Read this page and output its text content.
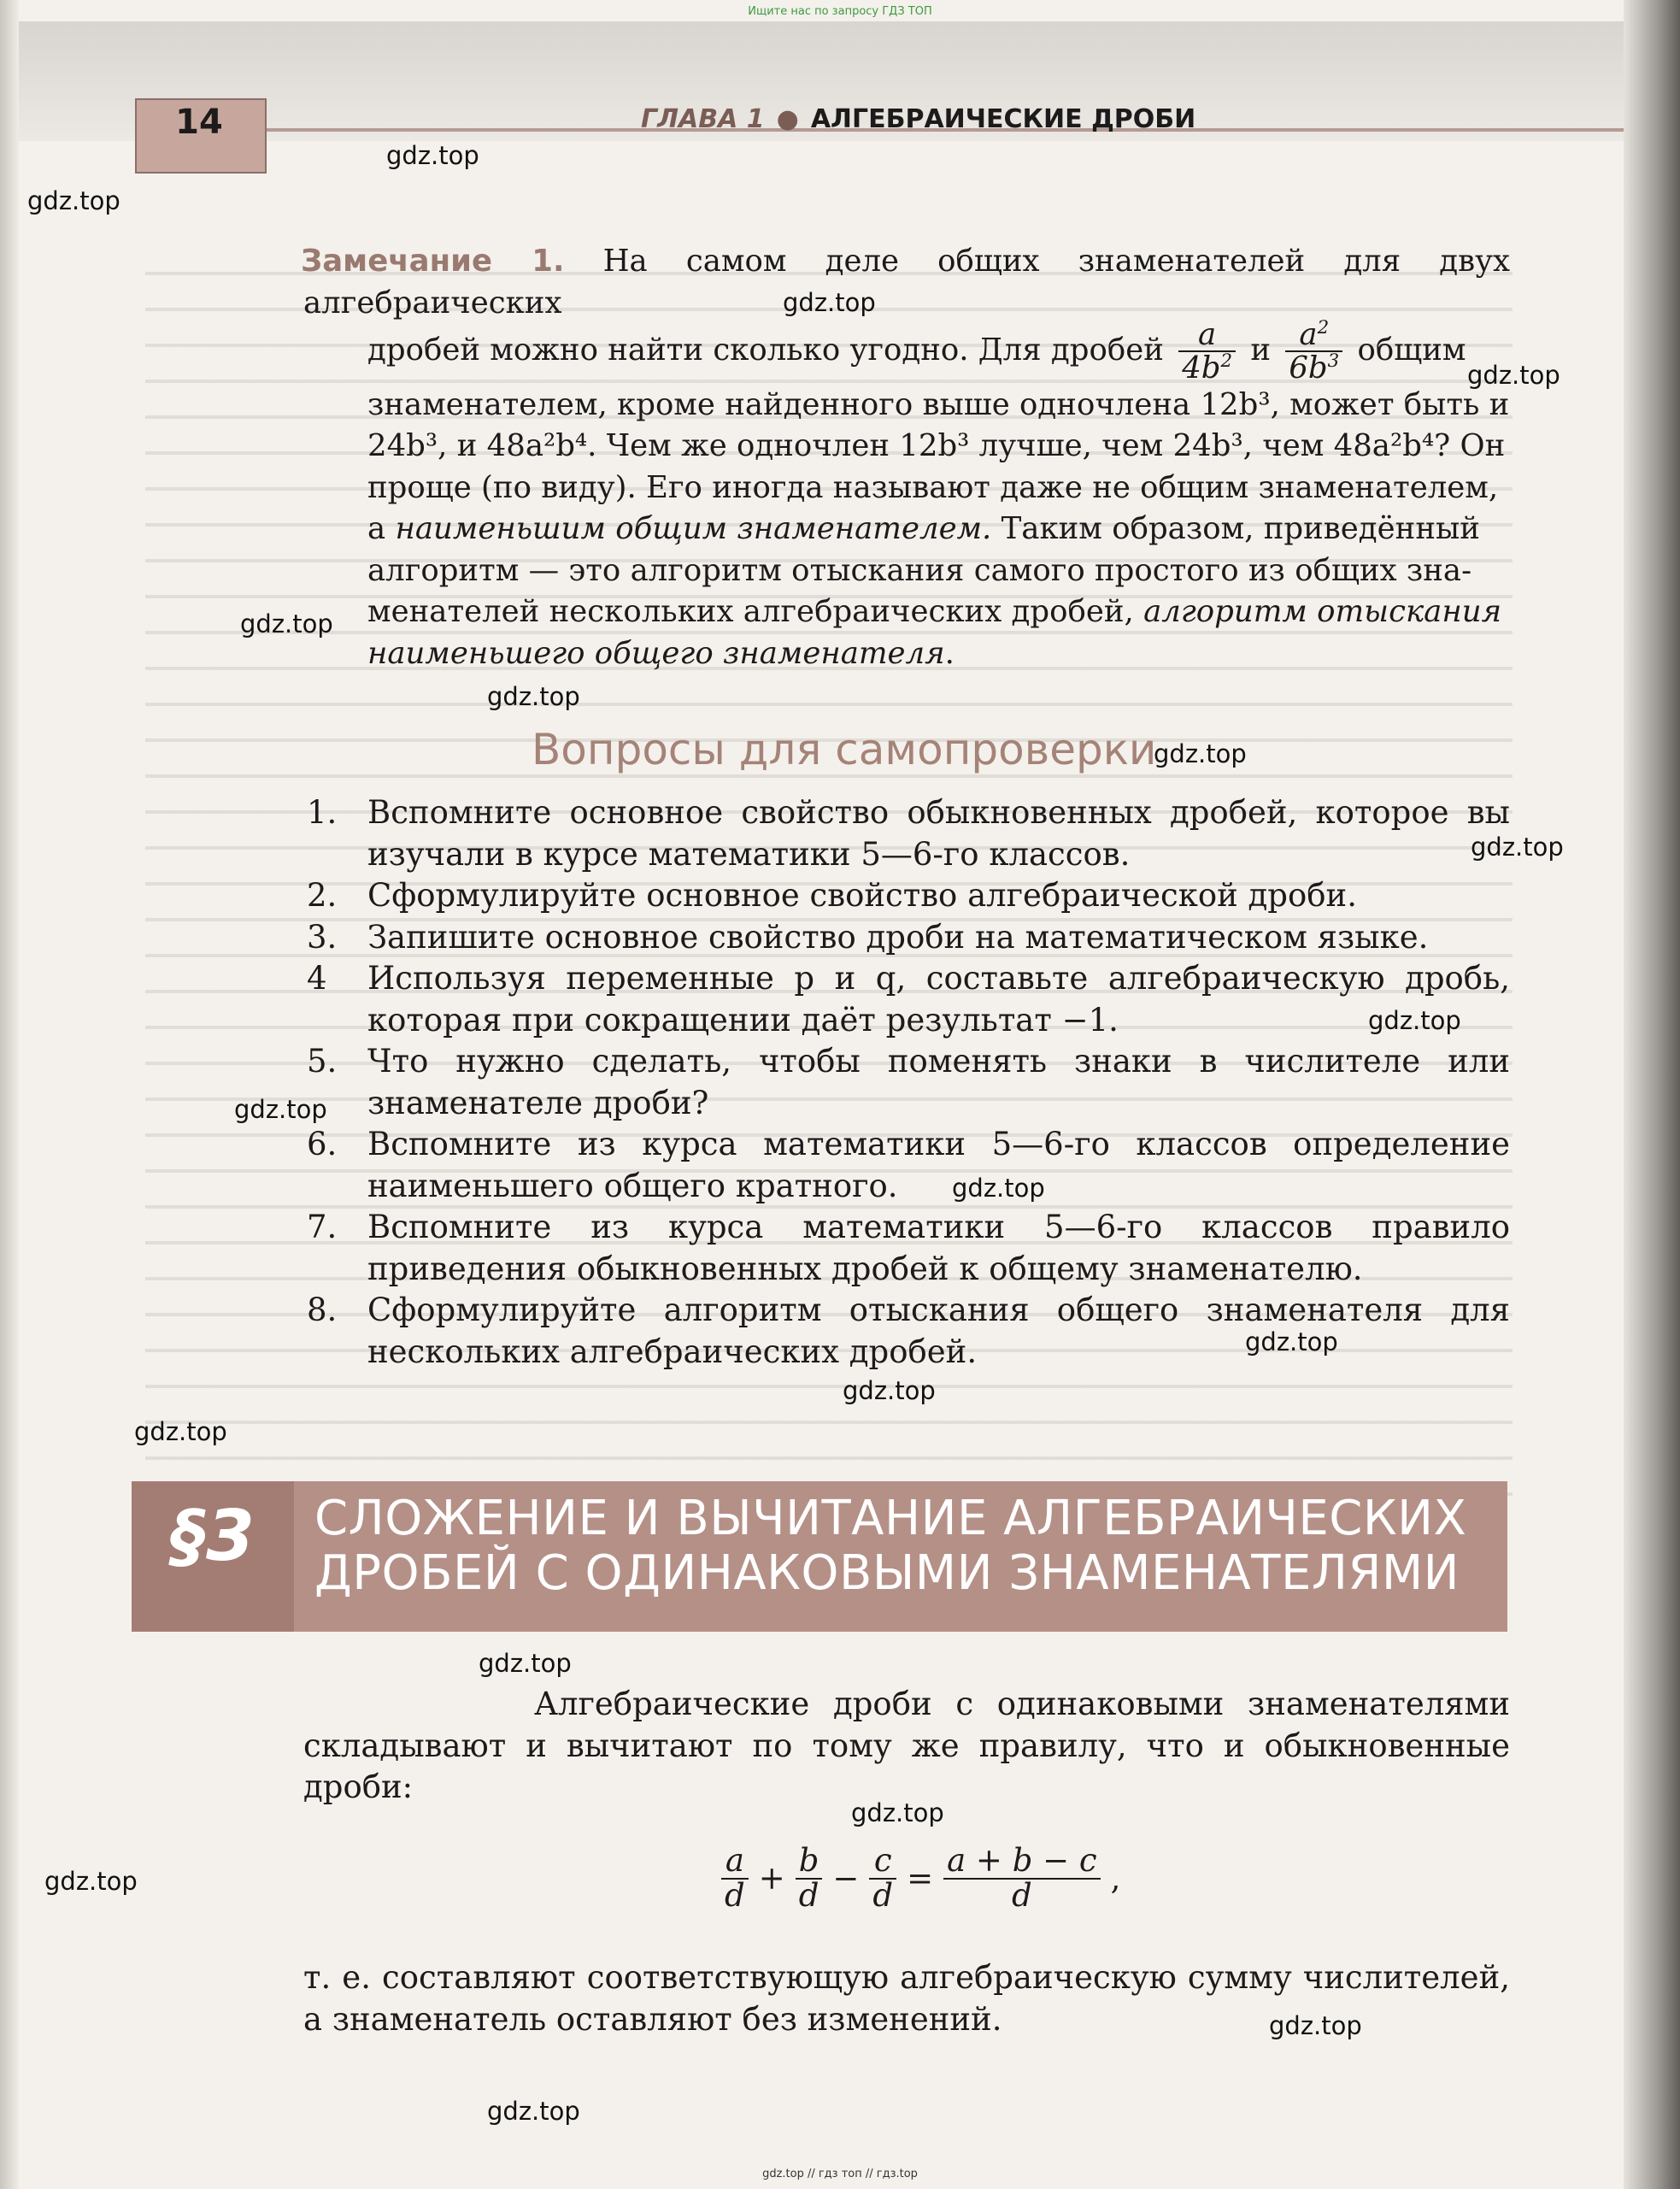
Ищите нас по запросу ГДЗ ТОП
14	ГЛАВА 1 ● АЛГЕБРАИЧЕСКИЕ ДРОБИ
gdz.top
gdz.top
gdz.top
gdz.top
gdz.top
gdz.top
gdz.top
gdz.top
gdz.top
gdz.top
gdz.top
gdz.top
gdz.top
gdz.top
gdz.top
gdz.top
gdz.top
gdz.top
gdz.top

Замечание 1. На самом деле общих знаменателей для двух алгебраических

дробей можно найти сколько угодно. Для дробей $\frac{a}{4b^2}$ и $\frac{a^2}{6b^3}$ общим

знаменателем, кроме найденного выше одночлена 12b³, может быть и

24b³, и 48a²b⁴. Чем же одночлен 12b³ лучше, чем 24b³, чем 48a²b⁴? Он

проще (по виду). Его иногда называют даже не общим знаменателем,

а наименьшим общим знаменателем. Таким образом, приведённый

алгоритм — это алгоритм отыскания самого простого из общих зна-

менателей нескольких алгебраических дробей, алгоритм отыскания

наименьшего общего знаменателя.

Вопросы для самопроверки
1. Вспомните основное свойство обыкновенных дробей, которое вы изучали в курсе математики 5—6-го классов.
2. Сформулируйте основное свойство алгебраической дроби.
3. Запишите основное свойство дроби на математическом языке.
4	Используя переменные p и q, составьте алгебраическую дробь, которая при сокращении даёт результат −1.
5. Что нужно сделать, чтобы поменять знаки в числителе или знаменателе дроби?
6. Вспомните из курса математики 5—6-го классов определение наименьшего общего кратного.
7. Вспомните из курса математики 5—6-го классов правило приведения обыкновенных дробей к общему знаменателю.
8. Сформулируйте алгоритм отыскания общего знаменателя для нескольких алгебраических дробей.
§3 СЛОЖЕНИЕ И ВЫЧИТАНИЕ АЛГЕБРАИЧЕСКИХ
ДРОБЕЙ С ОДИНАКОВЫМИ ЗНАМЕНАТЕЛЯМИ

Алгебраические дроби с одинаковыми знаменателями складывают и вычитают по тому же правилу, что и обыкновенные дроби:

$\frac{a}{d} + \frac{b}{d} - \frac{c}{d} = \frac{a + b - c}{d}$ ,

т. е. составляют соответствующую алгебраическую сумму числителей, а знаменатель оставляют без изменений.

gdz.top // гдз топ // гдз.top
